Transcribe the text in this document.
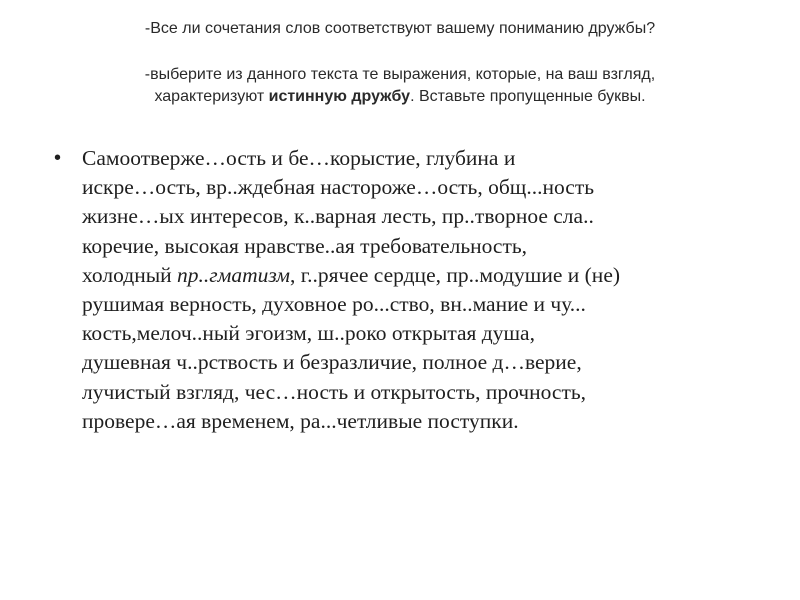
-Все ли сочетания слов соответствуют вашему пониманию дружбы?

-выберите из данного текста те выражения, которые, на ваш взгляд,

характеризуют истинную дружбу. Вставьте пропущенные буквы.

• Самоотверже…ость и бе…корыстие, глубина и
искре…ость, вр..ждебная настороже…ость, общ...ность
жизне…ых интересов, к..варная лесть, пр..творное сла..
коречие, высокая нравстве..ая требовательность,
холодный пр..гматизм, г..рячее сердце, пр..модушие и (не)
рушимая верность, духовное ро...ство, вн..мание и чу...
кость,мелоч..ный эгоизм, ш..роко открытая душа,
душевная ч..рствость и безразличие, полное д…верие,
лучистый взгляд, чес…ность и открытость, прочность,
провере…ая временем, ра...четливые поступки.
